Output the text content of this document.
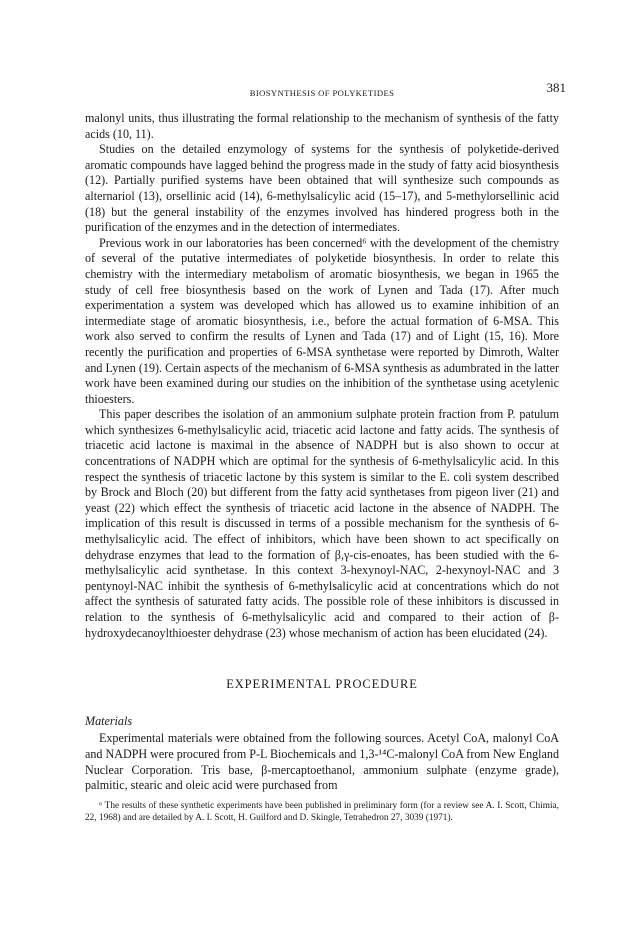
BIOSYNTHESIS OF POLYKETIDES	381

malonyl units, thus illustrating the formal relationship to the mechanism of synthesis of the fatty acids (10, 11).

Studies on the detailed enzymology of systems for the synthesis of polyketide-derived aromatic compounds have lagged behind the progress made in the study of fatty acid biosynthesis (12). Partially purified systems have been obtained that will synthesize such compounds as alternariol (13), orsellinic acid (14), 6-methylsalicylic acid (15–17), and 5-methylorsellinic acid (18) but the general instability of the enzymes involved has hindered progress both in the purification of the enzymes and in the detection of intermediates.

Previous work in our laboratories has been concerned⁶ with the development of the chemistry of several of the putative intermediates of polyketide biosynthesis. In order to relate this chemistry with the intermediary metabolism of aromatic biosynthesis, we began in 1965 the study of cell free biosynthesis based on the work of Lynen and Tada (17). After much experimentation a system was developed which has allowed us to examine inhibition of an intermediate stage of aromatic biosynthesis, i.e., before the actual formation of 6-MSA. This work also served to confirm the results of Lynen and Tada (17) and of Light (15, 16). More recently the purification and properties of 6-MSA synthetase were reported by Dimroth, Walter and Lynen (19). Certain aspects of the mechanism of 6-MSA synthesis as adumbrated in the latter work have been examined during our studies on the inhibition of the synthetase using acetylenic thioesters.

This paper describes the isolation of an ammonium sulphate protein fraction from P. patulum which synthesizes 6-methylsalicylic acid, triacetic acid lactone and fatty acids. The synthesis of triacetic acid lactone is maximal in the absence of NADPH but is also shown to occur at concentrations of NADPH which are optimal for the synthesis of 6-methylsalicylic acid. In this respect the synthesis of triacetic lactone by this system is similar to the E. coli system described by Brock and Bloch (20) but different from the fatty acid synthetases from pigeon liver (21) and yeast (22) which effect the synthesis of triacetic acid lactone in the absence of NADPH. The implication of this result is discussed in terms of a possible mechanism for the synthesis of 6-methylsalicylic acid. The effect of inhibitors, which have been shown to act specifically on dehydrase enzymes that lead to the formation of β,γ-cis-enoates, has been studied with the 6-methylsalicylic acid synthetase. In this context 3-hexynoyl-NAC, 2-hexynoyl-NAC and 3 pentynoyl-NAC inhibit the synthesis of 6-methylsalicylic acid at concentrations which do not affect the synthesis of saturated fatty acids. The possible role of these inhibitors is discussed in relation to the synthesis of 6-methylsalicylic acid and compared to their action of β-hydroxydecanoylthioester dehydrase (23) whose mechanism of action has been elucidated (24).

EXPERIMENTAL PROCEDURE

Materials

Experimental materials were obtained from the following sources. Acetyl CoA, malonyl CoA and NADPH were procured from P-L Biochemicals and 1,3-¹⁴C-malonyl CoA from New England Nuclear Corporation. Tris base, β-mercaptoethanol, ammonium sulphate (enzyme grade), palmitic, stearic and oleic acid were purchased from

⁶ The results of these synthetic experiments have been published in preliminary form (for a review see A. I. Scott, Chimia, 22, 1968) and are detailed by A. I. Scott, H. Guilford and D. Skingle, Tetrahedron 27, 3039 (1971).
